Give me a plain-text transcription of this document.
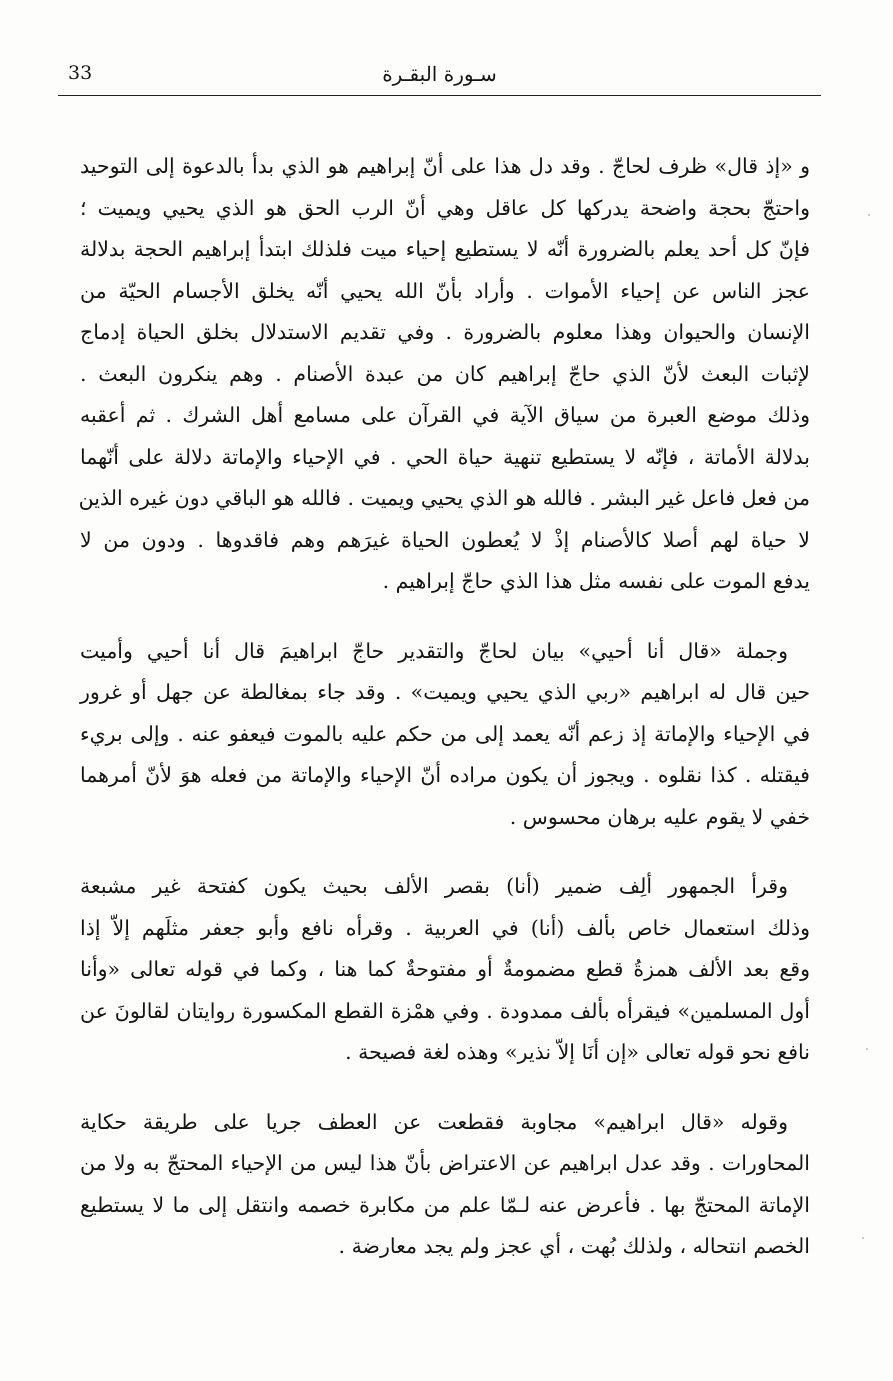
33	سـورة البقـرة
و «إذ قال» ظرف لحاجّ . وقد دل هذا على أنّ إبراهيم هو الذي بدأ بالدعوة إلى التوحيد
واحتجّ بحجة واضحة يدركها كل عاقل وهي أنّ الرب الحق هو الذي يحيي ويميت ؛
فإنّ كل أحد يعلم بالضرورة أنّه لا يستطيع إحياء ميت فلذلك ابتدأ إبراهيم الحجة بدلالة
عجز الناس عن إحياء الأموات . وأراد بأنّ الله يحيي أنّه يخلق الأجسام الحيّة من
الإنسان والحيوان وهذا معلوم بالضرورة . وفي تقديم الاستدلال بخلق الحياة إدماج
لإثبات البعث لأنّ الذي حاجّ إبراهيم كان من عبدة الأصنام . وهم ينكرون البعث .
وذلك موضع العبرة من سياق الآية في القرآن على مسامع أهل الشرك . ثم أعقبه
بدلالة الأماتة ، فإنّه لا يستطيع تنهية حياة الحي . في الإحياء والإماتة دلالة على أنّهما
من فعل فاعل غير البشر . فالله هو الذي يحيي ويميت . فالله هو الباقي دون غيره الذين
لا حياة لهم أصلا كالأصنام إذْ لا يُعطون الحياة غيرَهم وهم فاقدوها . ودون من لا
يدفع الموت على نفسه مثل هذا الذي حاجّ إبراهيم .
وجملة «قال أنا أحيي» بيان لحاجّ والتقدير حاجّ ابراهيمَ قال أنا أحيي وأميت
حين قال له ابراهيم «ربي الذي يحيي ويميت» . وقد جاء بمغالطة عن جهل أو غرور
في الإحياء والإماتة إذ زعم أنّه يعمد إلى من حكم عليه بالموت فيعفو عنه . وإلى بريء
فيقتله . كذا نقلوه . ويجوز أن يكون مراده أنّ الإحياء والإماتة من فعله هوَ لأنّ أمرهما
خفي لا يقوم عليه برهان محسوس .
وقرأ الجمهور ألِف ضمير (أنا) بقصر الألف بحيث يكون كفتحة غير مشبعة
وذلك استعمال خاص بألف (أنا) في العربية . وقرأه نافع وأبو جعفر مثلَهم إلاّ إذا
وقع بعد الألف همزةُ قطع مضمومةٌ أو مفتوحةٌ كما هنا ، وكما في قوله تعالى «وأنا
أول المسلمين» فيقرأه بألف ممدودة . وفي همْزة القطع المكسورة روايتان لقالونَ عن
نافع نحو قوله تعالى «إن أنَا إلاّ نذير» وهذه لغة فصيحة .
وقوله «قال ابراهيم» مجاوبة فقطعت عن العطف جريا على طريقة حكاية
المحاورات . وقد عدل ابراهيم عن الاعتراض بأنّ هذا ليس من الإحياء المحتجّ به ولا من
الإماتة المحتجّ بها . فأعرض عنه لـمّا علم من مكابرة خصمه وانتقل إلى ما لا يستطيع
الخصم انتحاله ، ولذلك بُهت ، أي عجز ولم يجد معارضة .
